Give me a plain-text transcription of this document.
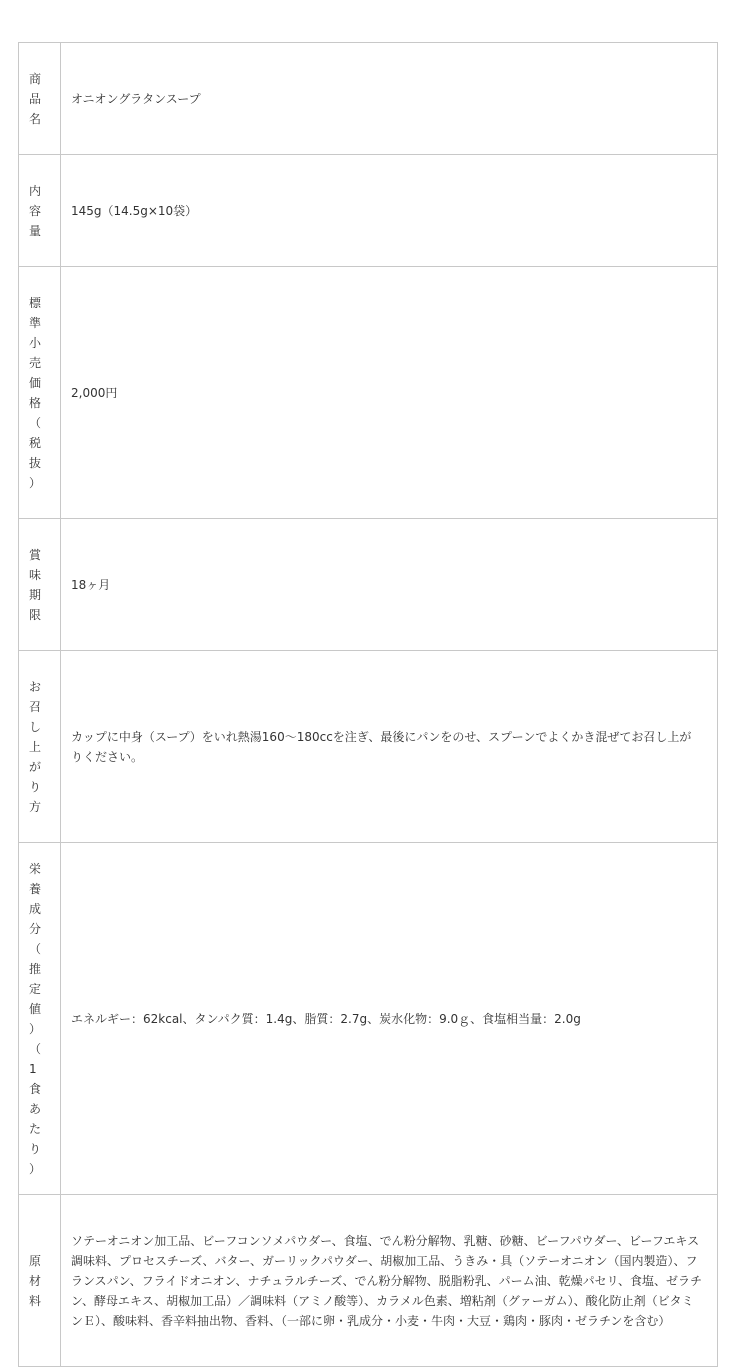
商品名	オニオングラタンスープ

内容量	145g（14.5g×10袋）

標準小売価格（税抜）	2,000円

賞味期限	18ヶ月

お召し上がり方	カップに中身（スープ）をいれ熱湯160～180ccを注ぎ、最後にパンをのせ、スプーンでよくかき混ぜてお召し上がりください。

栄養成分（推定値）（1食あたり）	エネルギー：62kcal、タンパク質：1.4g、脂質：2.7g、炭水化物：9.0ｇ、食塩相当量：2.0g

原材料	ソテーオニオン加工品、ビーフコンソメパウダー、食塩、でん粉分解物、乳糖、砂糖、ビーフパウダー、ビーフエキス調味料、プロセスチーズ、バター、ガーリックパウダー、胡椒加工品、うきみ・具（ソテーオニオン（国内製造）、フランスパン、フライドオニオン、ナチュラルチーズ、でん粉分解物、脱脂粉乳、パーム油、乾燥パセリ、食塩、ゼラチン、酵母エキス、胡椒加工品）／調味料（アミノ酸等）、カラメル色素、増粘剤（グァーガム）、酸化防止剤（ビタミンＥ）、酸味料、香辛料抽出物、香料、（一部に卵・乳成分・小麦・牛肉・大豆・鶏肉・豚肉・ゼラチンを含む）
